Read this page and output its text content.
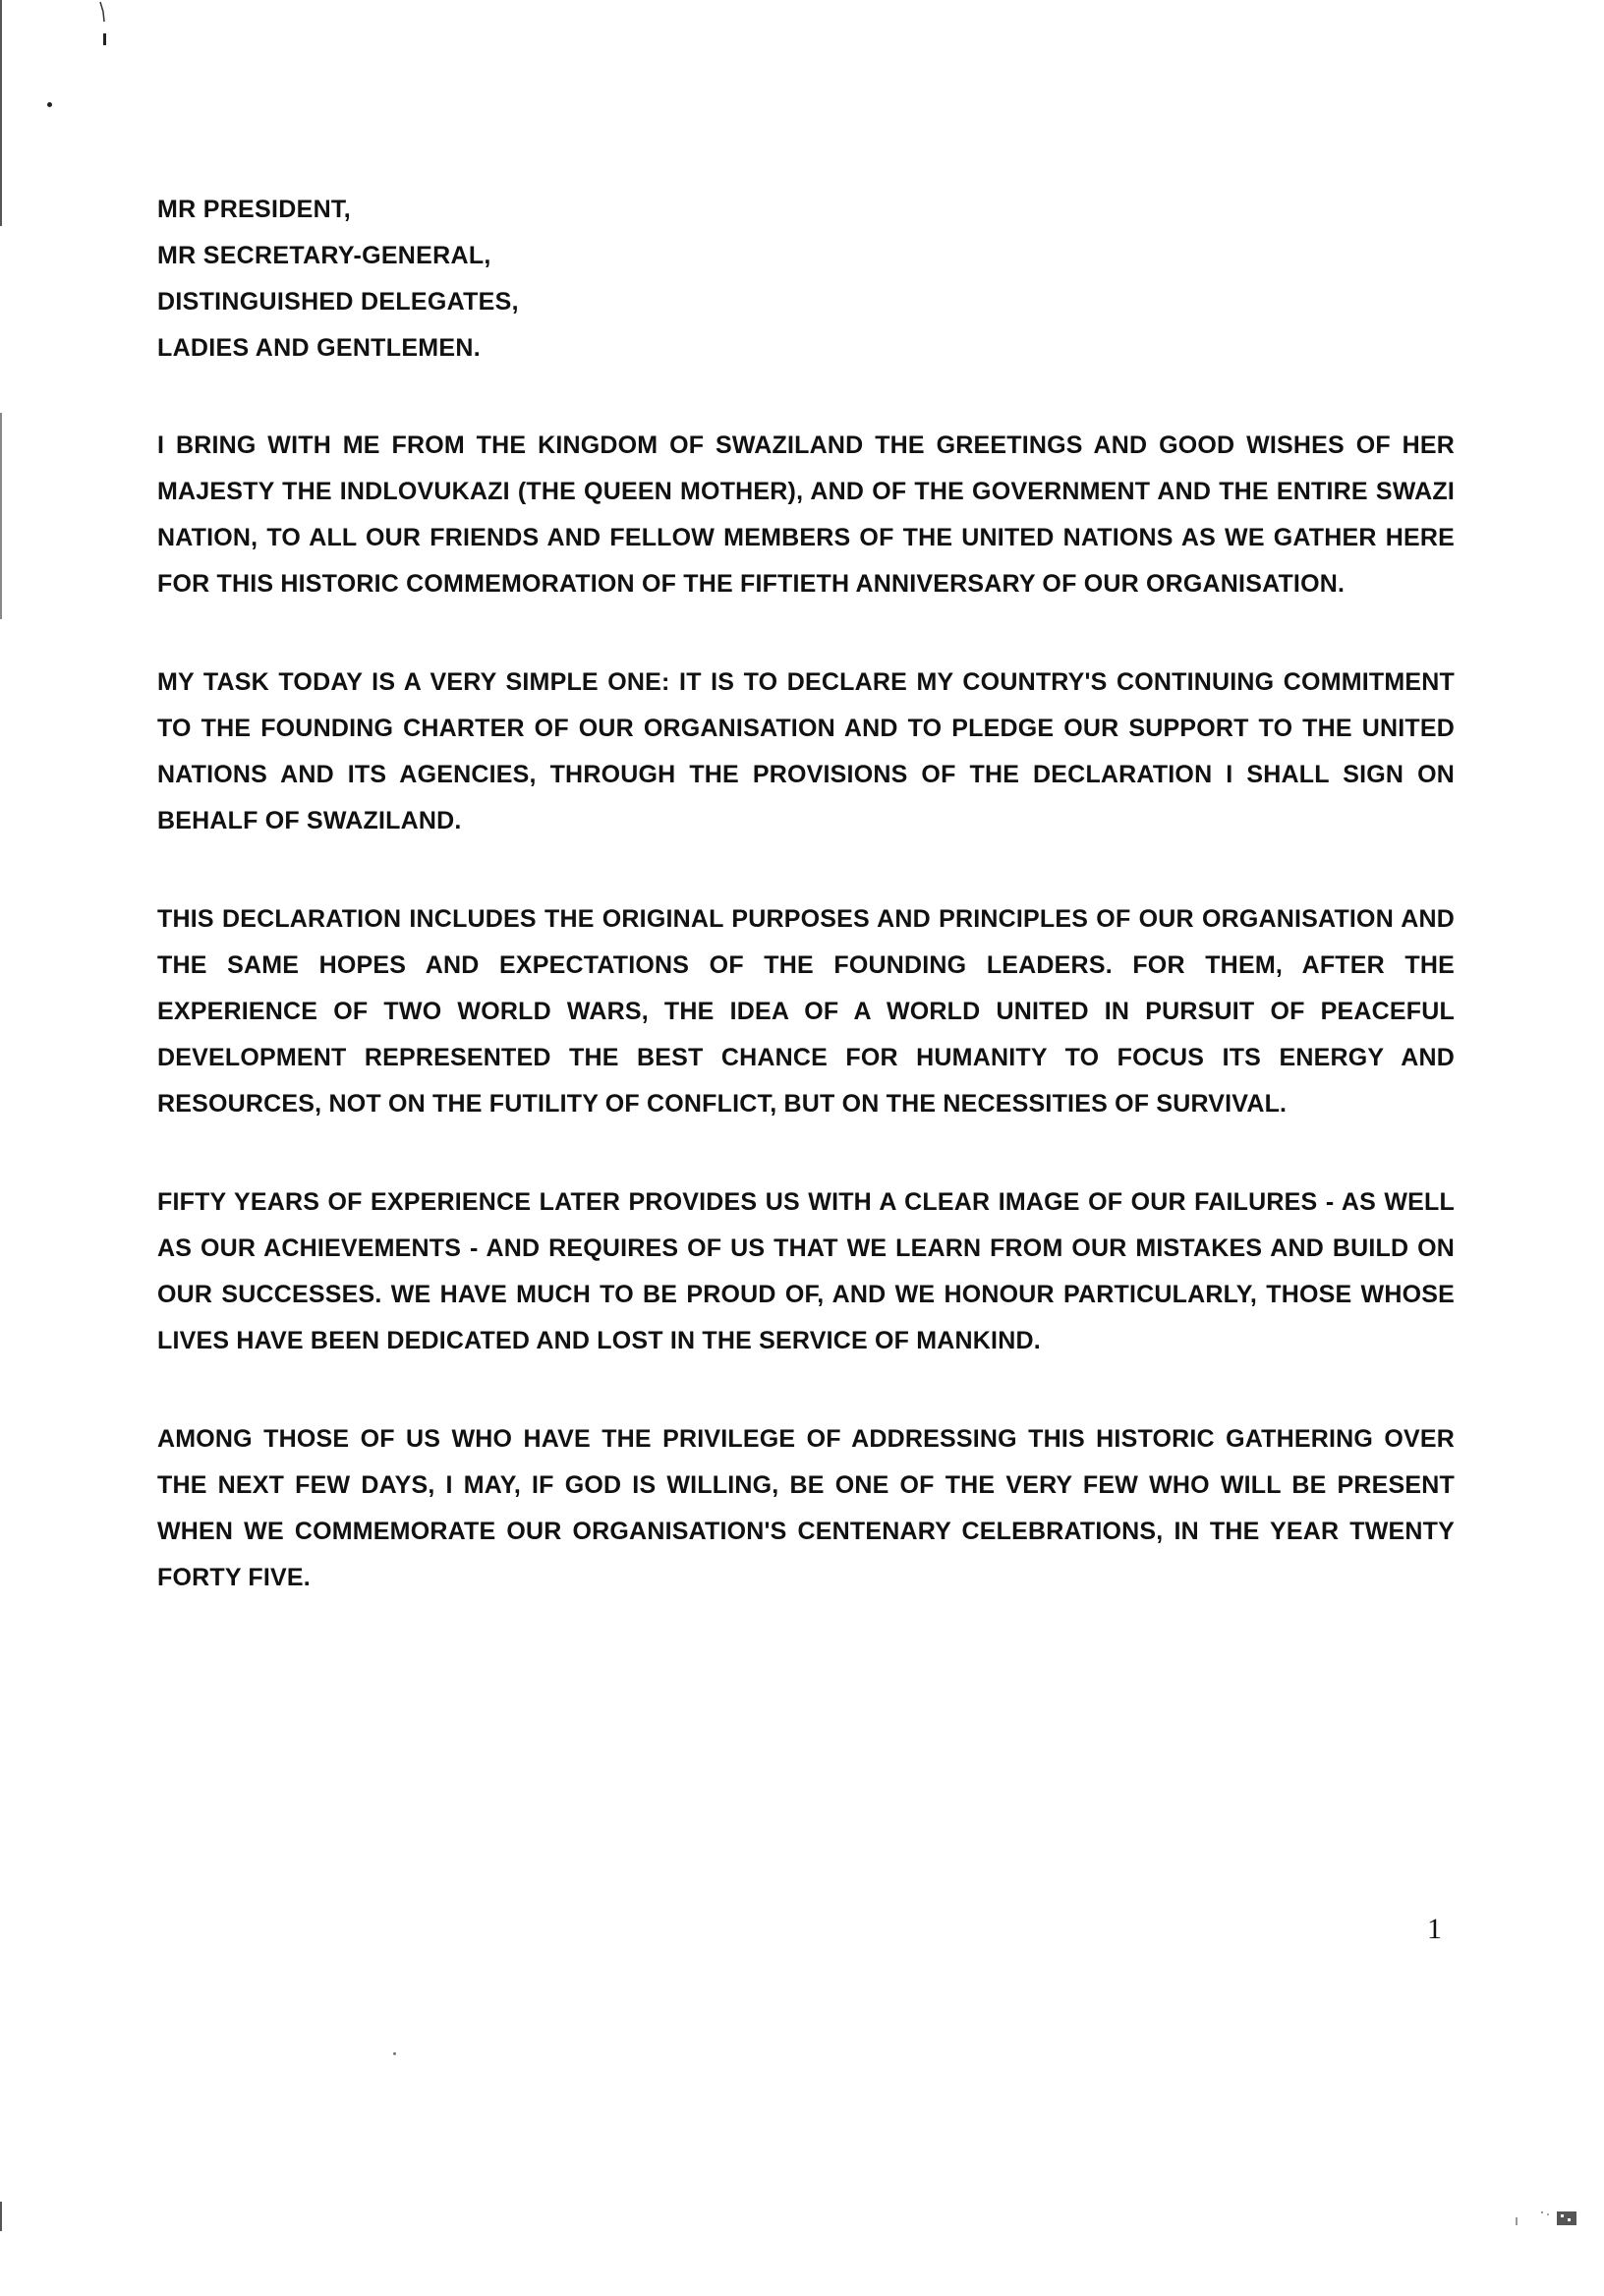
MR PRESIDENT,
MR SECRETARY-GENERAL,
DISTINGUISHED DELEGATES,
LADIES AND GENTLEMEN.

I BRING WITH ME FROM THE KINGDOM OF SWAZILAND THE GREETINGS AND GOOD WISHES OF HER MAJESTY THE INDLOVUKAZI (THE QUEEN MOTHER), AND OF THE GOVERNMENT AND THE ENTIRE SWAZI NATION, TO ALL OUR FRIENDS AND FELLOW MEMBERS OF THE UNITED NATIONS AS WE GATHER HERE FOR THIS HISTORIC COMMEMORATION OF THE FIFTIETH ANNIVERSARY OF OUR ORGANISATION.

MY TASK TODAY IS A VERY SIMPLE ONE: IT IS TO DECLARE MY COUNTRY'S CONTINUING COMMITMENT TO THE FOUNDING CHARTER OF OUR ORGANISATION AND TO PLEDGE OUR SUPPORT TO THE UNITED NATIONS AND ITS AGENCIES, THROUGH THE PROVISIONS OF THE DECLARATION I SHALL SIGN ON BEHALF OF SWAZILAND.

THIS DECLARATION INCLUDES THE ORIGINAL PURPOSES AND PRINCIPLES OF OUR ORGANISATION AND THE SAME HOPES AND EXPECTATIONS OF THE FOUNDING LEADERS. FOR THEM, AFTER THE EXPERIENCE OF TWO WORLD WARS, THE IDEA OF A WORLD UNITED IN PURSUIT OF PEACEFUL DEVELOPMENT REPRESENTED THE BEST CHANCE FOR HUMANITY TO FOCUS ITS ENERGY AND RESOURCES, NOT ON THE FUTILITY OF CONFLICT, BUT ON THE NECESSITIES OF SURVIVAL.

FIFTY YEARS OF EXPERIENCE LATER PROVIDES US WITH A CLEAR IMAGE OF OUR FAILURES - AS WELL AS OUR ACHIEVEMENTS - AND REQUIRES OF US THAT WE LEARN FROM OUR MISTAKES AND BUILD ON OUR SUCCESSES. WE HAVE MUCH TO BE PROUD OF, AND WE HONOUR PARTICULARLY, THOSE WHOSE LIVES HAVE BEEN DEDICATED AND LOST IN THE SERVICE OF MANKIND.

AMONG THOSE OF US WHO HAVE THE PRIVILEGE OF ADDRESSING THIS HISTORIC GATHERING OVER THE NEXT FEW DAYS, I MAY, IF GOD IS WILLING, BE ONE OF THE VERY FEW WHO WILL BE PRESENT WHEN WE COMMEMORATE OUR ORGANISATION'S CENTENARY CELEBRATIONS, IN THE YEAR TWENTY FORTY FIVE.

1
